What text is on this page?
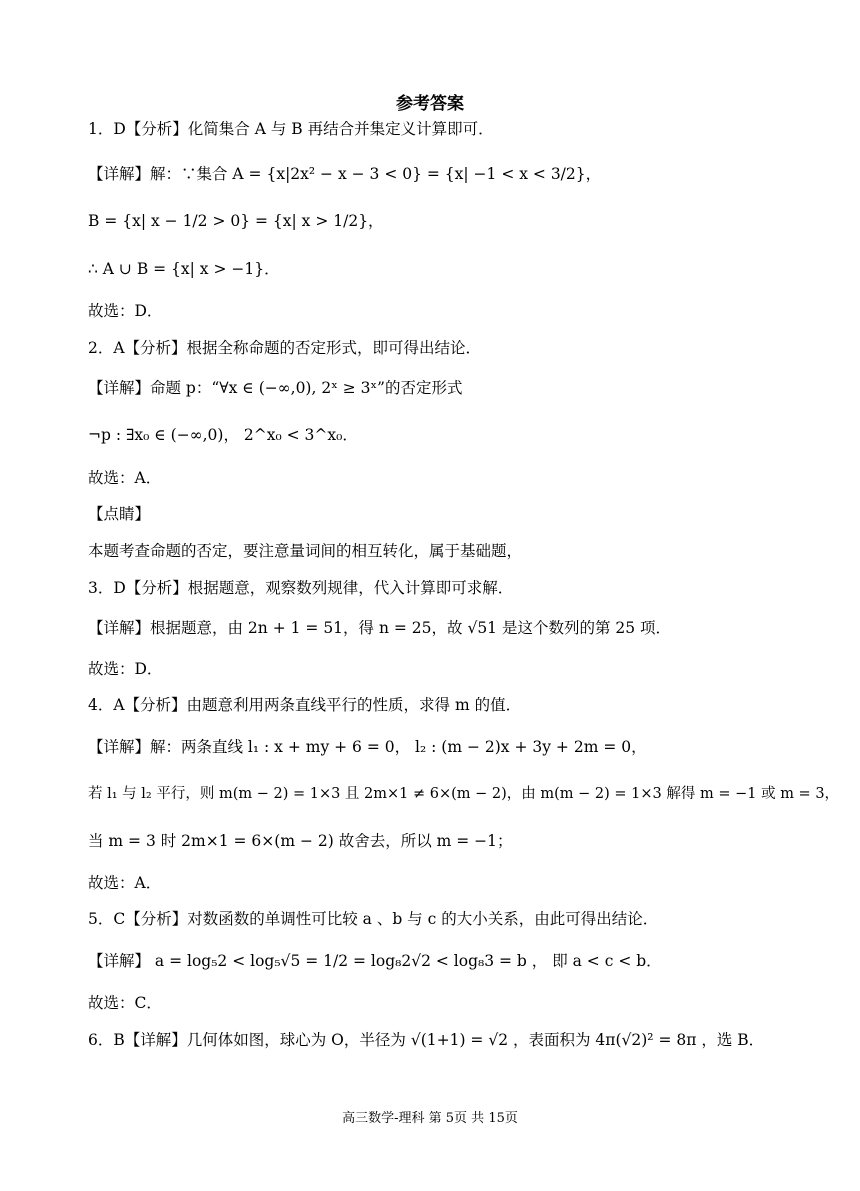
参考答案
1．D【分析】化简集合 A 与 B 再结合并集定义计算即可．
【详解】解：∵集合 A = {x|2x² − x − 3 < 0} = {x| −1 < x < 3/2}，
B = {x| x − 1/2 > 0} = {x| x > 1/2}，
∴ A ∪ B = {x| x > −1}．
故选：D．
2．A【分析】根据全称命题的否定形式，即可得出结论．
【详解】命题 p：“∀x ∈ (−∞,0), 2ˣ ≥ 3ˣ”的否定形式
¬p : ∃x₀ ∈ (−∞,0)， 2^x₀ < 3^x₀．
故选：A．
【点睛】
本题考查命题的否定，要注意量词间的相互转化，属于基础题，
3．D【分析】根据题意，观察数列规律，代入计算即可求解．
【详解】根据题意，由 2n + 1 = 51，得 n = 25，故 √51 是这个数列的第 25 项．
故选：D．
4．A【分析】由题意利用两条直线平行的性质，求得 m 的值．
【详解】解：两条直线 l₁ : x + my + 6 = 0， l₂ : (m − 2)x + 3y + 2m = 0，
若 l₁ 与 l₂ 平行，则 m(m − 2) = 1×3 且 2m×1 ≠ 6×(m − 2)，由 m(m − 2) = 1×3 解得 m = −1 或 m = 3，
当 m = 3 时 2m×1 = 6×(m − 2) 故舍去，所以 m = −1；
故选：A．
5．C【分析】对数函数的单调性可比较 a 、b 与 c 的大小关系，由此可得出结论．
【详解】 a = log₅2 < log₅√5 = 1/2 = log₈2√2 < log₈3 = b ， 即 a < c < b．
故选：C．
6．B【详解】几何体如图，球心为 O，半径为 √(1+1) = √2 ，表面积为 4π(√2)² = 8π ，选 B．
高三数学-理科 第 5页 共 15页
